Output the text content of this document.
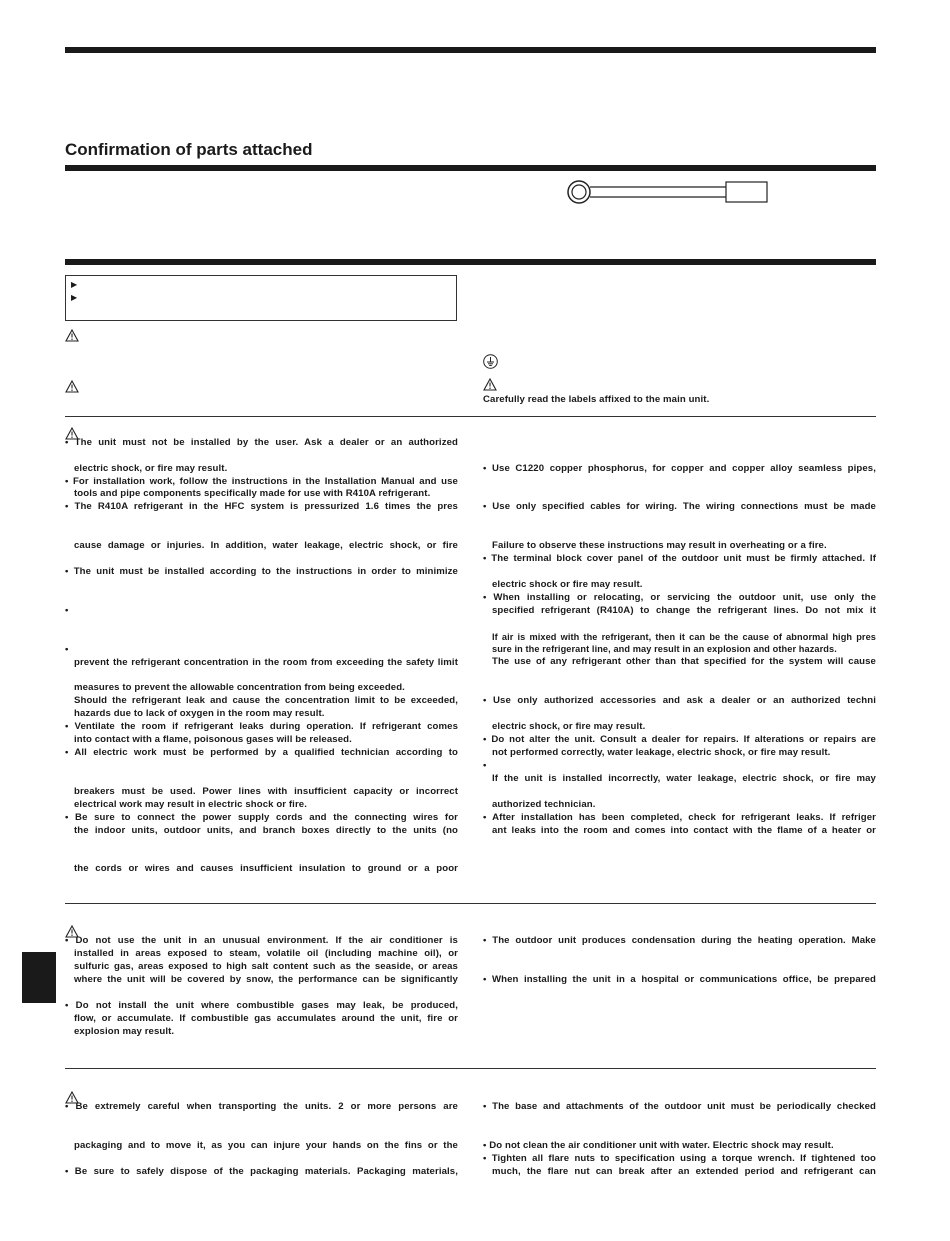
Confirmation of parts attached
▶
▶
Carefully read the labels affixed to the main unit.
• The unit must not be installed by the user. Ask a dealer or an authorized
electric shock, or fire may result.
• For installation work, follow the instructions in the Installation Manual and use
tools and pipe components specifically made for use with R410A refrigerant.
• The R410A refrigerant in the HFC system is pressurized 1.6 times the pres
cause damage or injuries. In addition, water leakage, electric shock, or fire
• The unit must be installed according to the instructions in order to minimize
•
•
prevent the refrigerant concentration in the room from exceeding the safety limit
measures to prevent the allowable concentration from being exceeded.
Should the refrigerant leak and cause the concentration limit to be exceeded,
hazards due to lack of oxygen in the room may result.
• Ventilate the room if refrigerant leaks during operation. If refrigerant comes
into contact with a flame, poisonous gases will be released.
• All electric work must be performed by a qualified technician according to
breakers must be used. Power lines with insufficient capacity or incorrect
electrical work may result in electric shock or fire.
• Be sure to connect the power supply cords and the connecting wires for
the indoor units, outdoor units, and branch boxes directly to the units (no
the cords or wires and causes insufficient insulation to ground or a poor
• Use C1220 copper phosphorus, for copper and copper alloy seamless pipes,
• Use only specified cables for wiring. The wiring connections must be made
Failure to observe these instructions may result in overheating or a fire.
• The terminal block cover panel of the outdoor unit must be firmly attached. If
electric shock or fire may result.
• When installing or relocating, or servicing the outdoor unit, use only the
specified refrigerant (R410A) to change the refrigerant lines. Do not mix it
If air is mixed with the refrigerant, then it can be the cause of abnormal high pres
sure in the refrigerant line, and may result in an explosion and other hazards.
The use of any refrigerant other than that specified for the system will cause
• Use only authorized accessories and ask a dealer or an authorized techni
electric shock, or fire may result.
• Do not alter the unit. Consult a dealer for repairs. If alterations or repairs are
not performed correctly, water leakage, electric shock, or fire may result.
•
If the unit is installed incorrectly, water leakage, electric shock, or fire may
authorized technician.
• After installation has been completed, check for refrigerant leaks. If refriger
ant leaks into the room and comes into contact with the flame of a heater or
• Do not use the unit in an unusual environment. If the air conditioner is
installed in areas exposed to steam, volatile oil (including machine oil), or
sulfuric gas, areas exposed to high salt content such as the seaside, or areas
where the unit will be covered by snow, the performance can be significantly
• Do not install the unit where combustible gases may leak, be produced,
flow, or accumulate. If combustible gas accumulates around the unit, fire or
explosion may result.
• The outdoor unit produces condensation during the heating operation. Make
• When installing the unit in a hospital or communications office, be prepared
• Be extremely careful when transporting the units. 2 or more persons are
packaging and to move it, as you can injure your hands on the fins or the
• Be sure to safely dispose of the packaging materials. Packaging materials,
• The base and attachments of the outdoor unit must be periodically checked
• Do not clean the air conditioner unit with water. Electric shock may result.
• Tighten all flare nuts to specification using a torque wrench. If tightened too
much, the flare nut can break after an extended period and refrigerant can
